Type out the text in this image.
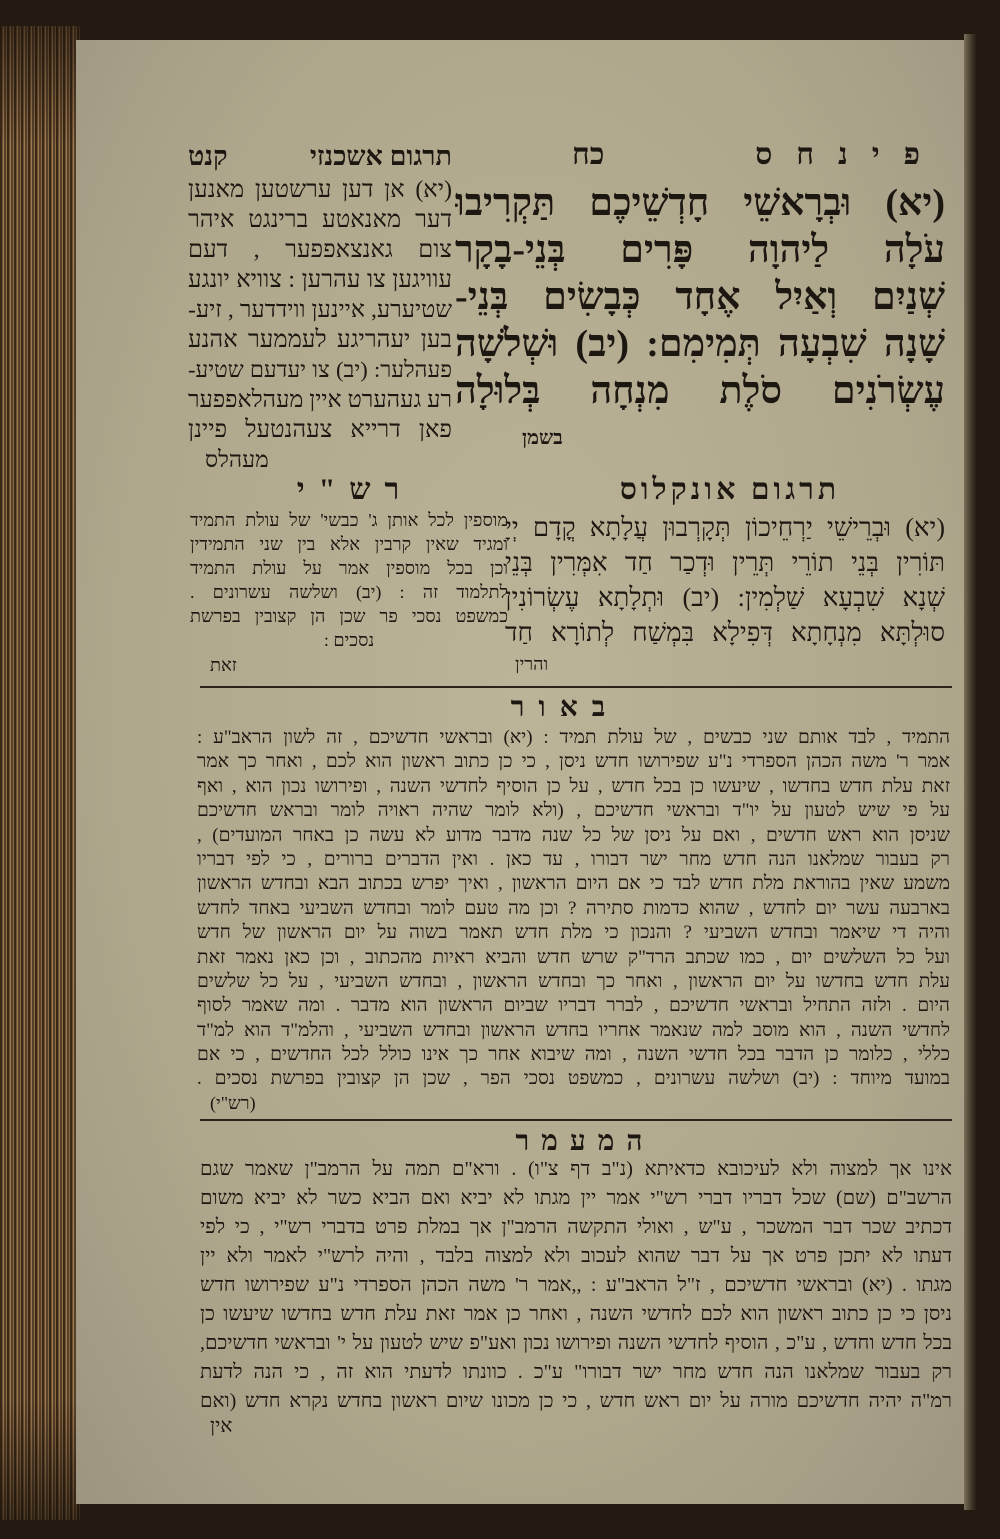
פינחס
כח
תרגום אשכנזי
קנט
(יא) וּבְרָאשֵׁי חָדְשֵׁיכֶם תַּקְרִיבוּ
עֹלָה לַיהוָה פָּרִים בְּנֵי-בָקָר
שְׁנַיִם וְאַיִל אֶחָד כְּבָשִׂים בְּנֵי-
שָׁנָה שִׁבְעָה תְּמִימִם: (יב) וּשְׁלֹשָׁה
עֶשְׂרֹנִים סֹלֶת מִנְחָה בְּלוּלָה
בשמן
(יא) אן דען ערשטען מאנען
דער מאנאטע ברינגט איהר
צום גאנצאפפער , דעם
עוויגען צו עהרען : צוויא יונגע
שטיערע, איינען ווידדער , זיע-
בען יעהריגע לעממער אהנע
פעהלער: (יב) צו יעדעם שטיע-
רע געהערט איין מעהלאפפער
פאן דרייא צעהנטעל פיינן
מעהלס
תרגום אונקלוס
רש"י
(יא) וּבְרֵישֵׁי יַרְחֵיכוֹן תְּקָרְבוּן עֲלָתָא קֳדָם יְיָ
תּוֹרִין בְּנֵי תוֹרֵי תְּרֵין וּדְכַר חַד אִמְּרִין בְּנֵי
שְׁנָא שִׁבְעָא שַׁלְמִין: (יב) וּתְלָתָא עֶשְׂרוֹנִין
סוּלְתָּא מִנְחָתָא דְּפִילָא בִּמְשַׁח לְתוֹרָא חַד
והרין
מוספין לכל אותן ג' כבשי' של עולת התמיד
ומגיד שאין קרבין אלא בין שני התמידין
וכן בכל מוספין אמר על עולת התמיד
לתלמוד זה : (יב) ושלשה עשרונים .
כמשפט נסכי פר שכן הן קצובין בפרשת
נסכים :
זאת
באור
התמיד , לבד אותם שני כבשים , של עולת תמיד : (יא) ובראשי חדשיכם , זה לשון הראב"ע :
אמר ר' משה הכהן הספרדי נ"ע שפירושו חדש ניסן , כי כן כתוב ראשון הוא לכם , ואחר כך אמר
זאת עלת חדש בחדשו , שיעשו כן בכל חדש , על כן הוסיף לחדשי השנה , ופירושו נכון הוא , ואף
על פי שיש לטעון על יו"ד ובראשי חדשיכם , (ולא לומר שהיה ראויה לומר ובראש חדשיכם
שניסן הוא ראש חדשים , ואם על ניסן של כל שנה מדבר מדוע לא עשה כן באחר המועדים) ,
רק בעבור שמלאנו הנה חדש מחר ישר דבורו , עד כאן . ואין הדברים ברורים , כי לפי דבריו
משמע שאין בהוראת מלת חדש לבד כי אם היום הראשון , ואיך יפרש בכתוב הבא ובחדש הראשון
בארבעה עשר יום לחדש , שהוא כדמות סתירה ? וכן מה טעם לומר ובחדש השביעי באחד לחדש
והיה די שיאמר ובחדש השביעי ? והנכון כי מלת חדש תאמר בשוה על יום הראשון של חדש
ועל כל השלשים יום , כמו שכתב הרד"ק שרש חדש והביא ראיות מהכתוב , וכן כאן נאמר זאת
עלת חדש בחדשו על יום הראשון , ואחר כך ובחדש הראשון , ובחדש השביעי , על כל שלשים
היום . ולזה התחיל ובראשי חדשיכם , לברר דבריו שביום הראשון הוא מדבר . ומה שאמר לסוף
לחדשי השנה , הוא מוסב למה שנאמר אחריו בחדש הראשון ובחדש השביעי , והלמ"ד הוא למ"ד
כללי , כלומר כן הדבר בכל חדשי השנה , ומה שיבוא אחר כך אינו כולל לכל החדשים , כי אם
במועד מיוחד : (יב) ושלשה עשרונים , כמשפט נסכי הפר , שכן הן קצובין בפרשת נסכים .
(רש"י)
המעמר
אינו אך למצוה ולא לעיכובא כדאיתא (נ"ב דף צ"ו) . ורא"ם תמה על הרמב"ן שאמר שגם
הרשב"ם (שם) שכל דבריו דברי רש"י אמר יין מגתו לא יביא ואם הביא כשר לא יביא משום
דכתיב שכר דבר המשכר , ע"ש , ואולי התקשה הרמב"ן אך במלת פרט בדברי רש"י , כי לפי
דעתו לא יתכן פרט אך על דבר שהוא לעכוב ולא למצוה בלבד , והיה לרש"י לאמר ולא יין
מגתו . (יא) ובראשי חדשיכם , ז"ל הראב"ע : ,,אמר ר' משה הכהן הספרדי נ"ע שפירושו חדש
ניסן כי כן כתוב ראשון הוא לכם לחדשי השנה , ואחר כן אמר זאת עלת חדש בחדשו שיעשו כן
בכל חדש וחדש , ע"כ , הוסיף לחדשי השנה ופירושו נכון ואע"פ שיש לטעון על י' ובראשי חדשיכם,
רק בעבור שמלאנו הנה חדש מחר ישר דבורו" ע"כ . כוונתו לדעתי הוא זה , כי הנה לדעת
רמ"ה יהיה חדשיכם מורה על יום ראש חדש , כי כן מכונו שיום ראשון בחדש נקרא חדש (ואם
אין
